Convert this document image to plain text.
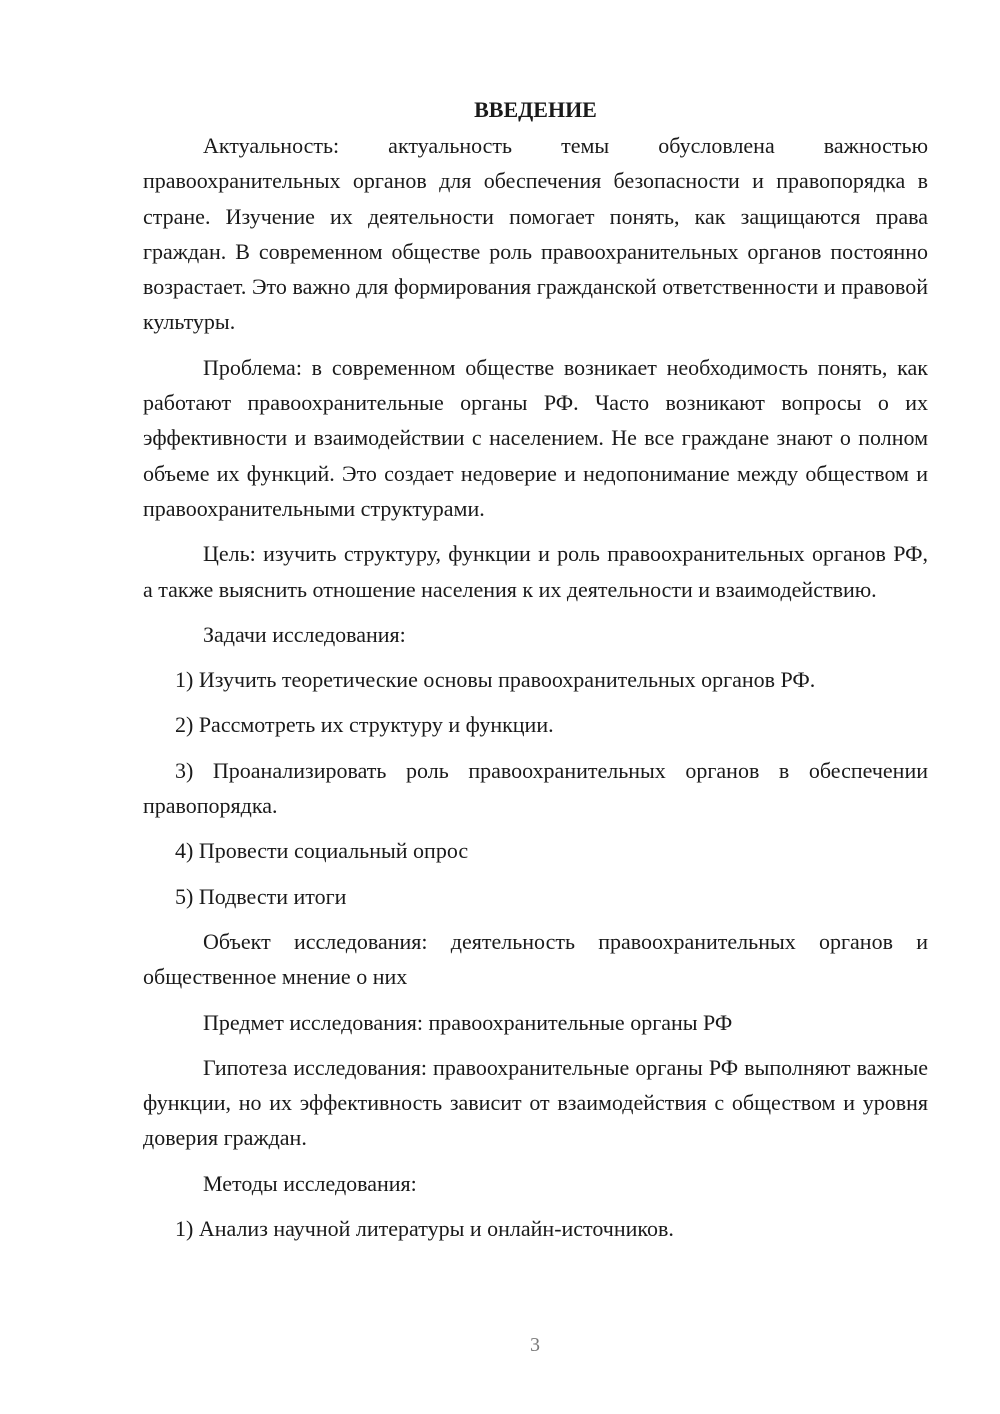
ВВЕДЕНИЕ

Актуальность: актуальность темы обусловлена важностью правоохранительных органов для обеспечения безопасности и правопорядка в стране. Изучение их деятельности помогает понять, как защищаются права граждан. В современном обществе роль правоохранительных органов постоянно возрастает. Это важно для формирования гражданской ответственности и правовой культуры.

Проблема: в современном обществе возникает необходимость понять, как работают правоохранительные органы РФ. Часто возникают вопросы о их эффективности и взаимодействии с населением. Не все граждане знают о полном объеме их функций. Это создает недоверие и недопонимание между обществом и правоохранительными структурами.

Цель: изучить структуру, функции и роль правоохранительных органов РФ, а также выяснить отношение населения к их деятельности и взаимодействию.

Задачи исследования:

1) Изучить теоретические основы правоохранительных органов РФ.

2) Рассмотреть их структуру и функции.

3) Проанализировать роль правоохранительных органов в обеспечении правопорядка.

4) Провести социальный опрос

5) Подвести итоги

Объект исследования: деятельность правоохранительных органов и общественное мнение о них

Предмет исследования: правоохранительные органы РФ

Гипотеза исследования: правоохранительные органы РФ выполняют важные функции, но их эффективность зависит от взаимодействия с обществом и уровня доверия граждан.

Методы исследования:

1) Анализ научной литературы и онлайн-источников.

3
